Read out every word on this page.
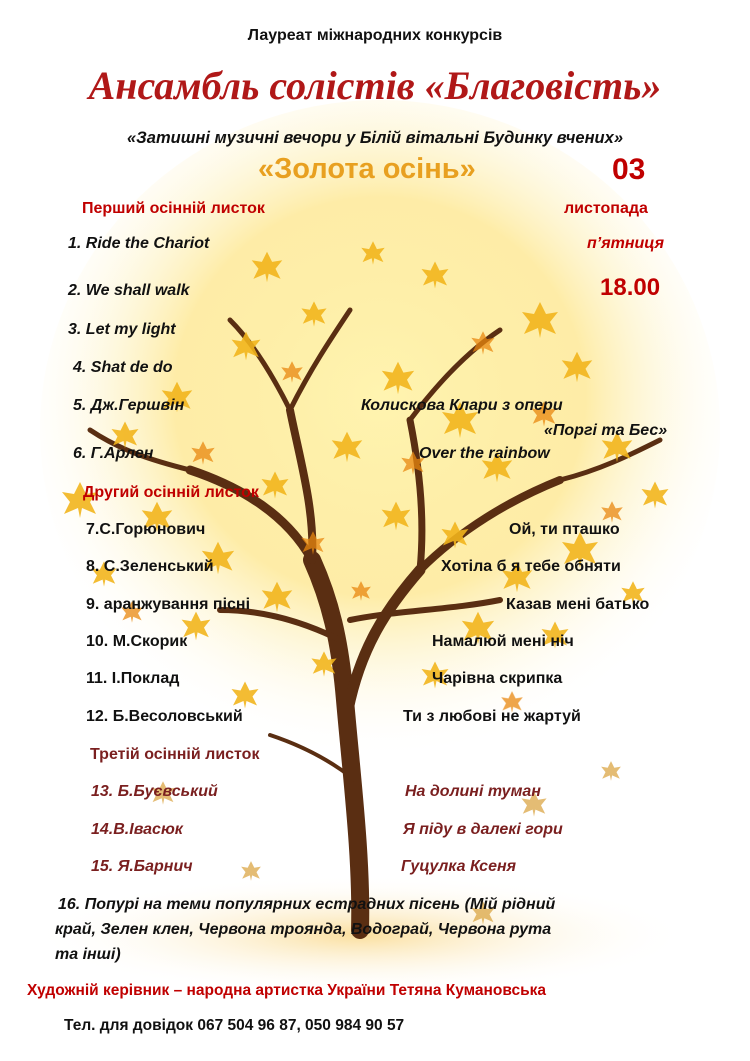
Лауреат міжнародних конкурсів
Ансамбль солістів «Благовість»
«Затишні музичні вечори у Білій вітальні Будинку вчених»
«Золота осінь»	03
листопада
п’ятниця
18.00
Перший осінній листок
1. Ride the Chariot
2. We shall walk
3. Let my light
4. Shat de do
5. Дж.Гершвін	Колискова Клари з опери
«Поргі та Бес»
6. Г.Арлен	Over the rainbow
Другий осінній листок
7.С.Горюнович	Ой, ти пташко
8. С.Зеленський	Хотіла б я тебе обняти
9. аранжування пісні	Казав мені батько
10. М.Скорик	Намалюй мені ніч
11. І.Поклад	Чарівна скрипка
12. Б.Весоловський	Ти з любові не жартуй
Третій осінній листок
13. Б.Буєвський	На долині туман
14.В.Івасюк	Я піду в далекі гори
15. Я.Барнич	Гуцулка Ксеня
16. Попурі на теми популярних естрадних пісень (Мій рідний
край, Зелен клен, Червона троянда, Водограй, Червона рута
та інші)
Художній керівник – народна артистка України Тетяна Кумановська
Тел. для довідок 067 504 96 87, 050 984 90 57
